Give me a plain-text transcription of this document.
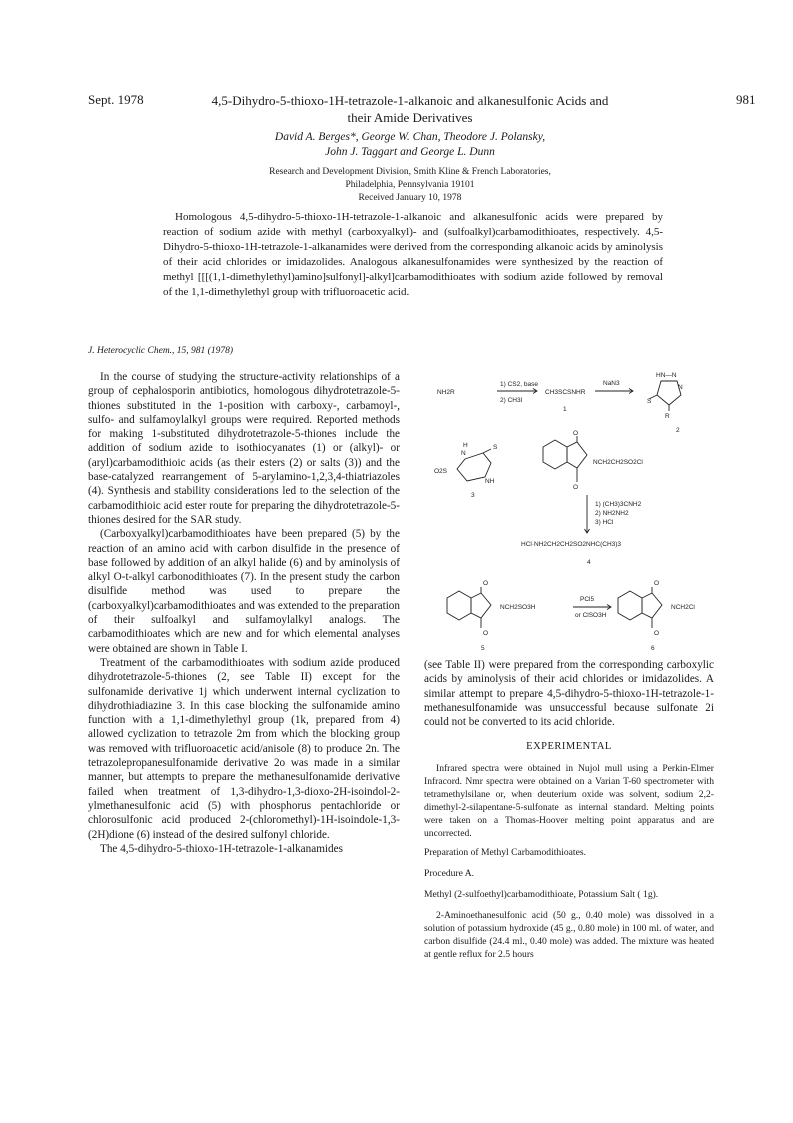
Sept. 1978	981
4,5-Dihydro-5-thioxo-1H-tetrazole-1-alkanoic and alkanesulfonic Acids and
their Amide Derivatives
David A. Berges*, George W. Chan, Theodore J. Polansky,
John J. Taggart and George L. Dunn
Research and Development Division, Smith Kline & French Laboratories,
Philadelphia, Pennsylvania 19101
Received January 10, 1978
Homologous 4,5-dihydro-5-thioxo-1H-tetrazole-1-alkanoic and alkanesulfonic acids were prepared by reaction of sodium azide with methyl (carboxyalkyl)- and (sulfoalkyl)carbamodithioates, respectively. 4,5-Dihydro-5-thioxo-1H-tetrazole-1-alkanamides were derived from the corresponding alkanoic acids by aminolysis of their acid chlorides or imidazolides. Analogous alkanesulfonamides were synthesized by the reaction of methyl [[[(1,1-dimethylethyl)amino]sulfonyl]-alkyl]carbamodithioates with sodium azide followed by removal of the 1,1-dimethylethyl group with trifluoroacetic acid.
J. Heterocyclic Chem., 15, 981 (1978)

In the course of studying the structure-activity relationships of a group of cephalosporin antibiotics, homologous dihydrotetrazole-5-thiones substituted in the 1-position with carboxy-, carbamoyl-, sulfo- and sulfamoylalkyl groups were required. Reported methods for making 1-substituted dihydrotetrazole-5-thiones include the addition of sodium azide to isothiocyanates (1) or (alkyl)- or (aryl)carbamodithioic acids (as their esters (2) or salts (3)) and the base-catalyzed rearrangement of 5-arylamino-1,2,3,4-thiatriazoles (4). Synthesis and stability considerations led to the selection of the carbamodithioic acid ester route for preparing the dihydrotetrazole-5-thiones desired for the SAR study.

(Carboxyalkyl)carbamodithioates have been prepared (5) by the reaction of an amino acid with carbon disulfide in the presence of base followed by addition of an alkyl halide (6) and by aminolysis of alkyl O-t-alkyl carbonodithioates (7). In the present study the carbon disulfide method was used to prepare the (carboxyalkyl)carbamodithioates and was extended to the preparation of their sulfoalkyl and sulfamoylalkyl analogs. The carbamodithioates which are new and for which elemental analyses were obtained are shown in Table I.

Treatment of the carbamodithioates with sodium azide produced dihydrotetrazole-5-thiones (2, see Table II) except for the sulfonamide derivative 1j which underwent internal cyclization to dihydrothiadiazine 3. In this case blocking the sulfonamide amino function with a 1,1-dimethylethyl group (1k, prepared from 4) allowed cyclization to tetrazole 2m from which the blocking group was removed with trifluoroacetic acid/anisole (8) to produce 2n. The tetrazolepropanesulfonamide derivative 2o was made in a similar manner, but attempts to prepare the methanesulfonamide derivative failed when treatment of 1,3-dihydro-1,3-dioxo-2H-isoindol-2-ylmethanesulfonic acid (5) with phosphorus pentachloride or chlorosulfonic acid produced 2-(chloromethyl)-1H-isoindole-1,3-(2H)dione (6) instead of the desired sulfonyl chloride.

The 4,5-dihydro-5-thioxo-1H-tetrazole-1-alkanamides

NH2R
1) CS2, base
2) CH3I
CH3SCSNHR
1
NaN3
HN—N
N
S
R
2
H
N
S
O2S
NH
3
O
O
NCH2CH2SO2Cl
1) (CH3)3CNH2
2) NH2NH2
3) HCl
HCl·NH2CH2CH2SO2NHC(CH3)3
4
O
O
NCH2SO3H
PCl5
or ClSO3H
O
O
NCH2Cl
5	6

(see Table II) were prepared from the corresponding carboxylic acids by aminolysis of their acid chlorides or imidazolides. A similar attempt to prepare 4,5-dihydro-5-thioxo-1H-tetrazole-1-methanesulfonamide was unsuccessful because sulfonate 2i could not be converted to its acid chloride.

EXPERIMENTAL

Infrared spectra were obtained in Nujol mull using a Perkin-Elmer Infracord. Nmr spectra were obtained on a Varian T-60 spectrometer with tetramethylsilane or, when deuterium oxide was solvent, sodium 2,2-dimethyl-2-silapentane-5-sulfonate as internal standard. Melting points were taken on a Thomas-Hoover melting point apparatus and are uncorrected.

Preparation of Methyl Carbamodithioates.

Procedure A.

Methyl (2-sulfoethyl)carbamodithioate, Potassium Salt ( 1g).

2-Aminoethanesulfonic acid (50 g., 0.40 mole) was dissolved in a solution of potassium hydroxide (45 g., 0.80 mole) in 100 ml. of water, and carbon disulfide (24.4 ml., 0.40 mole) was added. The mixture was heated at gentle reflux for 2.5 hours
